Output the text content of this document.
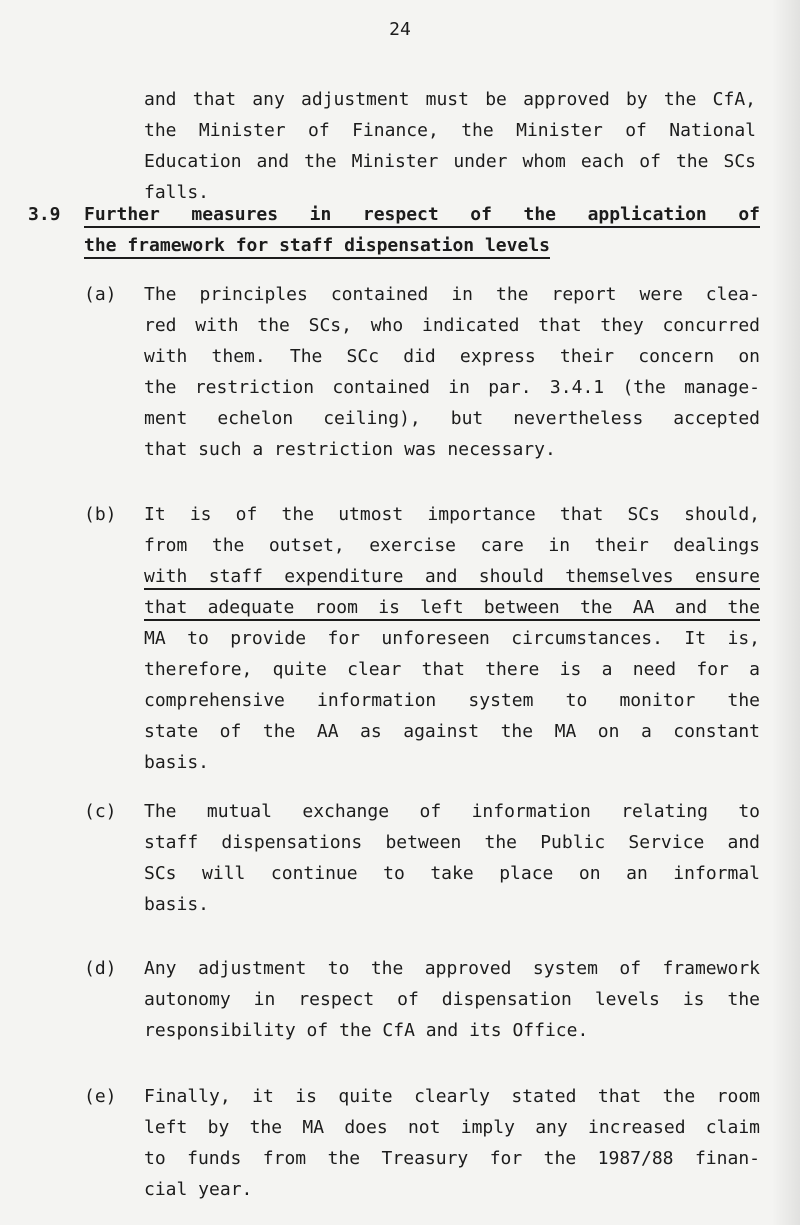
24
and that any adjustment must be approved by the CfA,
the Minister of Finance, the Minister of National
Education and the Minister under whom each of the SCs
falls.
3.9 Further measures in respect of the application of
the framework for staff dispensation levels
(a) The principles contained in the report were clea-
red with the SCs, who indicated that they concurred
with them. The SCc did express their concern on
the restriction contained in par. 3.4.1 (the manage-
ment echelon ceiling), but nevertheless accepted
that such a restriction was necessary.
(b) It is of the utmost importance that SCs should,
from the outset, exercise care in their dealings
with staff expenditure and should themselves ensure
that adequate room is left between the AA and the
MA to provide for unforeseen circumstances. It is,
therefore, quite clear that there is a need for a
comprehensive information system to monitor the
state of the AA as against the MA on a constant
basis.
(c) The mutual exchange of information relating to
staff dispensations between the Public Service and
SCs will continue to take place on an informal
basis.
(d) Any adjustment to the approved system of framework
autonomy in respect of dispensation levels is the
responsibility of the CfA and its Office.
(e) Finally, it is quite clearly stated that the room
left by the MA does not imply any increased claim
to funds from the Treasury for the 1987/88 finan-
cial year.
